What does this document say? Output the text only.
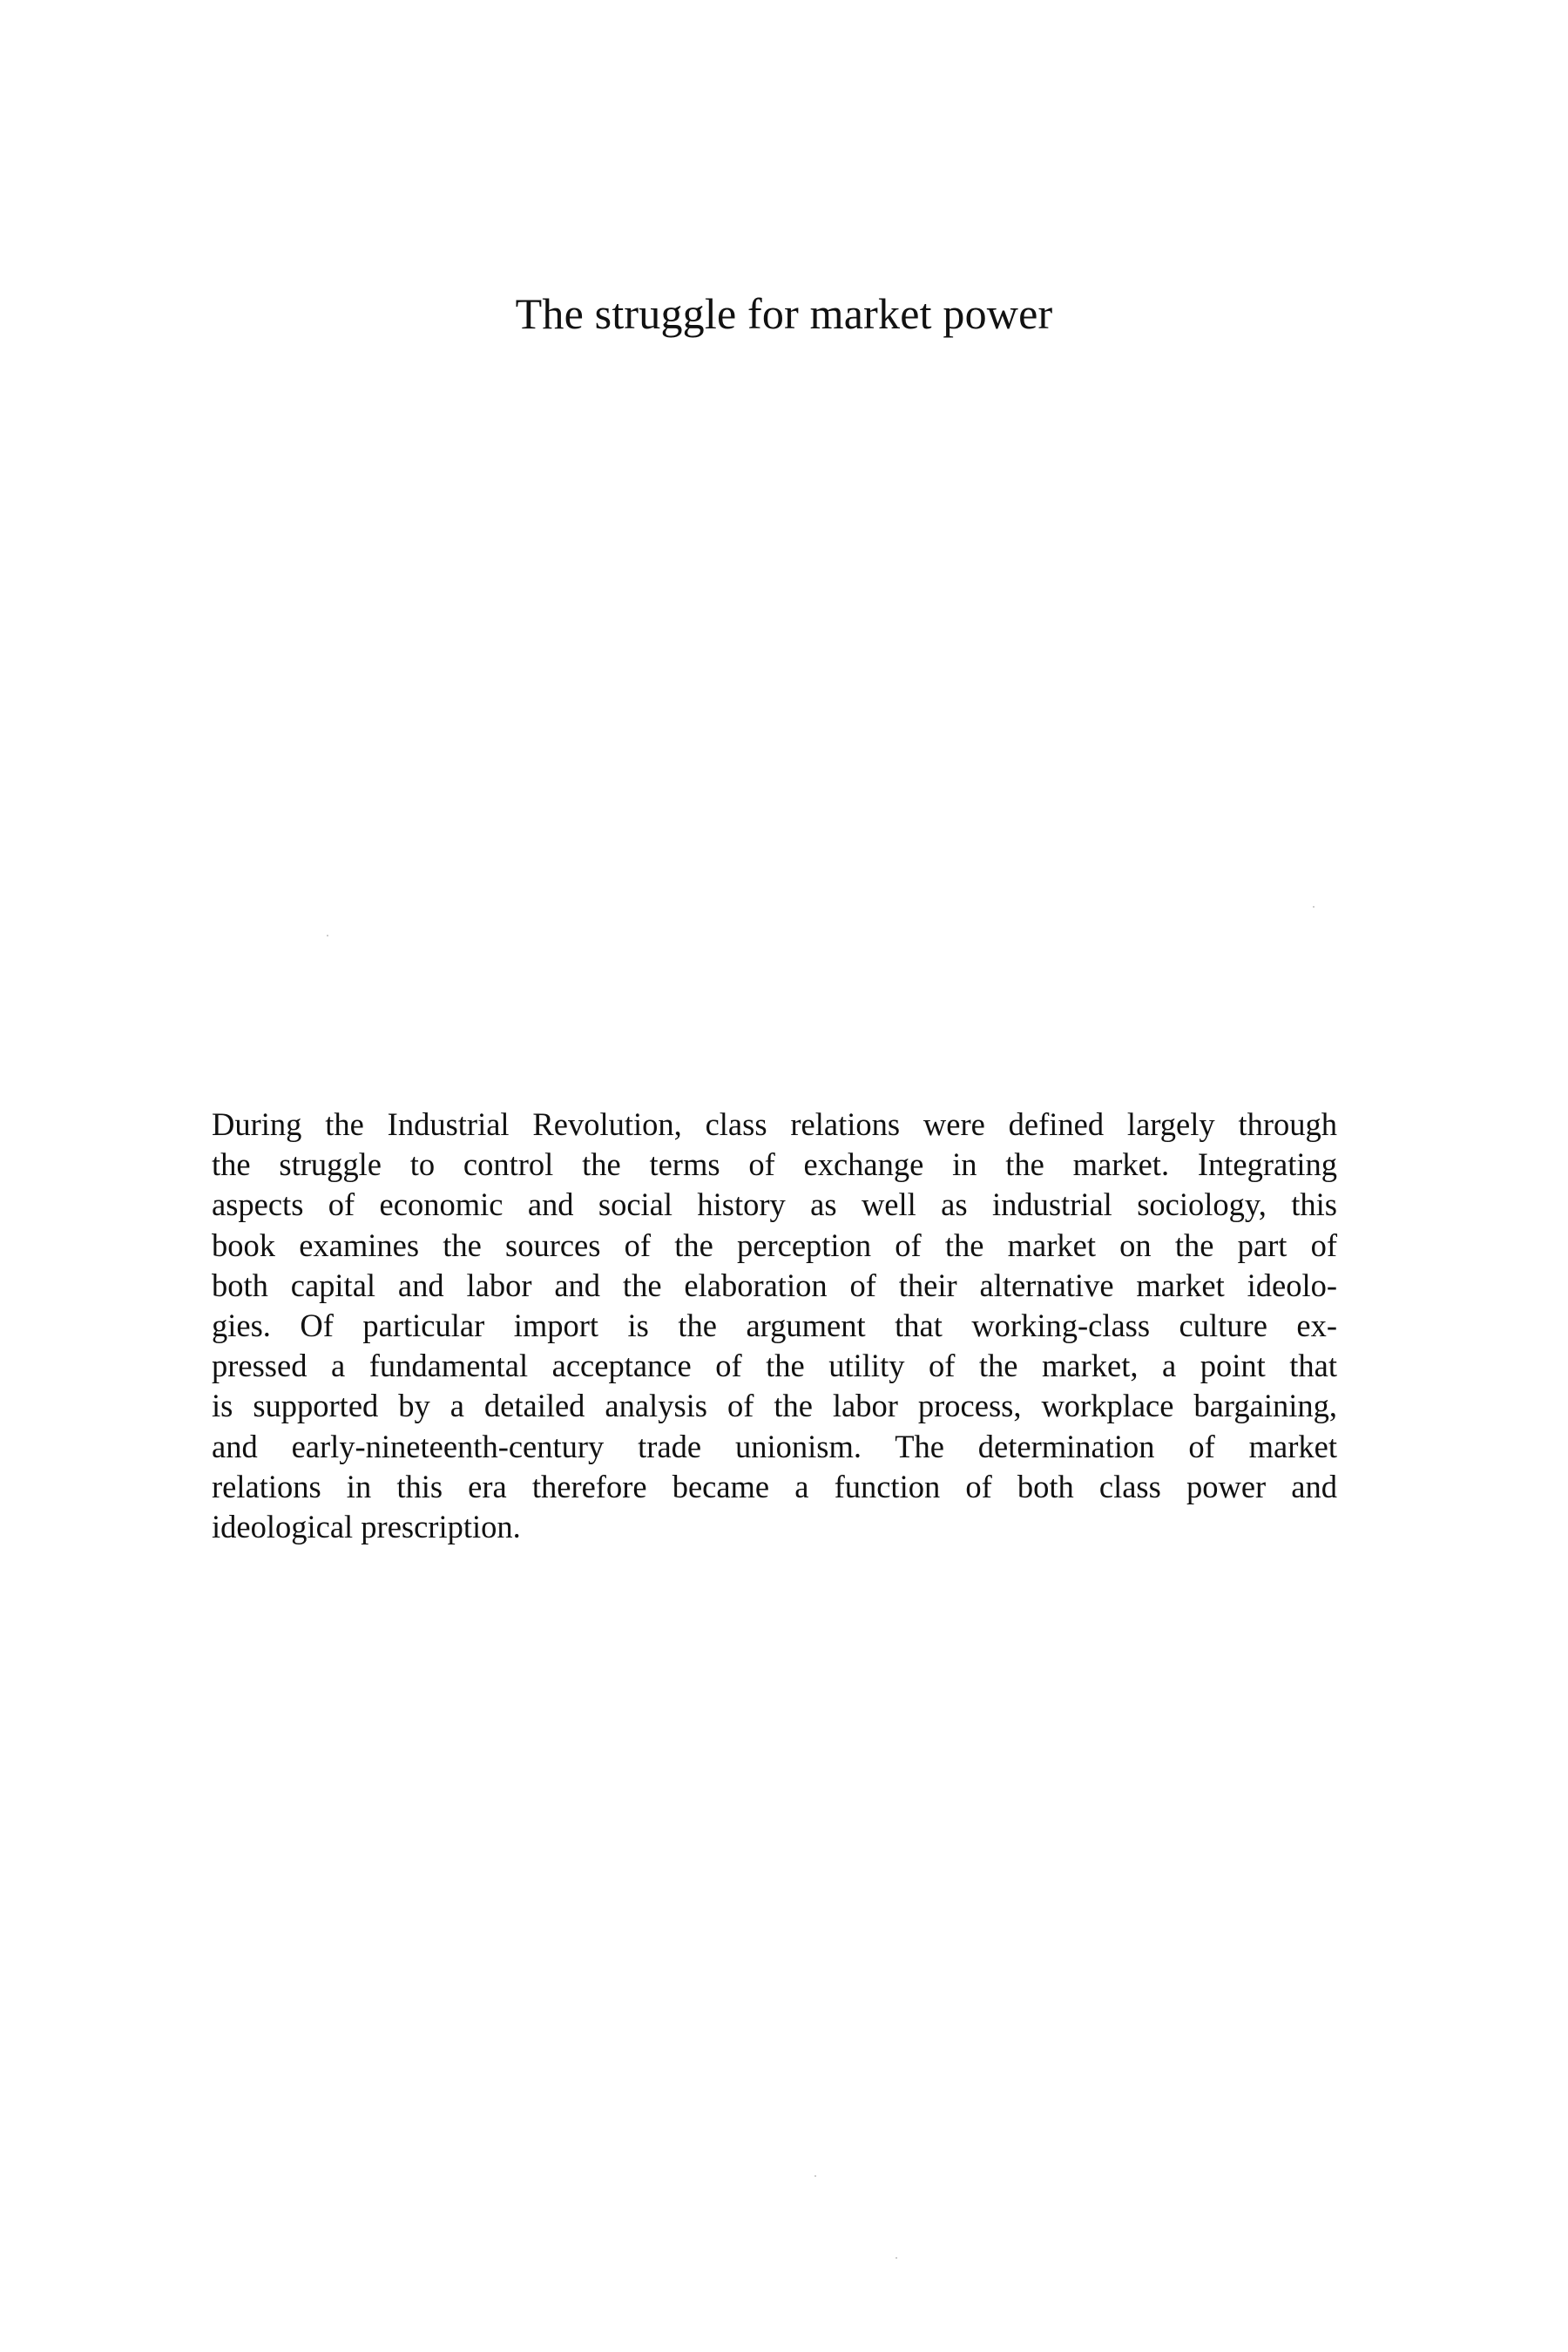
The struggle for market power

During the Industrial Revolution, class relations were defined largely through
the struggle to control the terms of exchange in the market. Integrating
aspects of economic and social history as well as industrial sociology, this
book examines the sources of the perception of the market on the part of
both capital and labor and the elaboration of their alternative market ideolo-
gies. Of particular import is the argument that working-class culture ex-
pressed a fundamental acceptance of the utility of the market, a point that
is supported by a detailed analysis of the labor process, workplace bargaining,
and early-nineteenth-century trade unionism. The determination of market
relations in this era therefore became a function of both class power and
ideological prescription.
